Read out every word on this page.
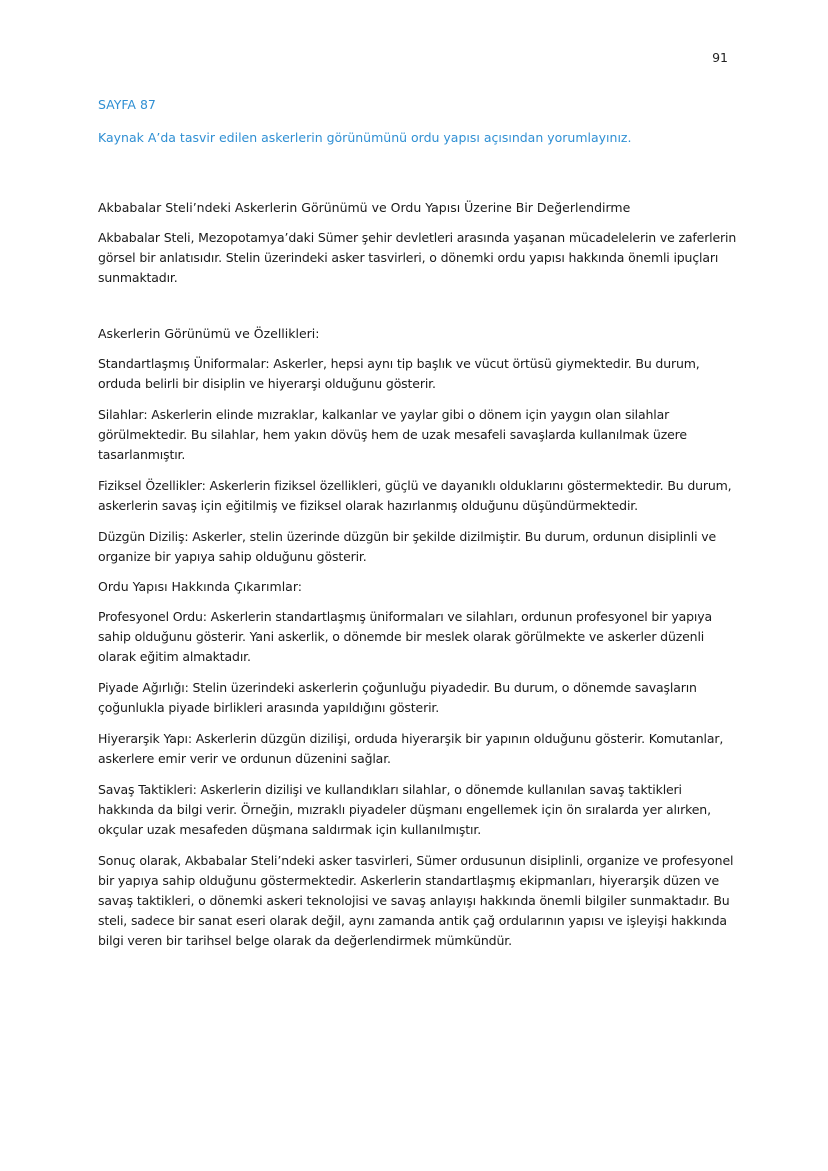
91

SAYFA 87

Kaynak A’da tasvir edilen askerlerin görünümünü ordu yapısı açısından yorumlayınız.

Akbabalar Steli’ndeki Askerlerin Görünümü ve Ordu Yapısı Üzerine Bir Değerlendirme

Akbabalar Steli, Mezopotamya’daki Sümer şehir devletleri arasında yaşanan mücadelelerin ve zaferlerin görsel bir anlatısıdır. Stelin üzerindeki asker tasvirleri, o dönemki ordu yapısı hakkında önemli ipuçları sunmaktadır.

Askerlerin Görünümü ve Özellikleri:

Standartlaşmış Üniformalar: Askerler, hepsi aynı tip başlık ve vücut örtüsü giymektedir. Bu durum, orduda belirli bir disiplin ve hiyerarşi olduğunu gösterir.

Silahlar: Askerlerin elinde mızraklar, kalkanlar ve yaylar gibi o dönem için yaygın olan silahlar görülmektedir. Bu silahlar, hem yakın dövüş hem de uzak mesafeli savaşlarda kullanılmak üzere tasarlanmıştır.

Fiziksel Özellikler: Askerlerin fiziksel özellikleri, güçlü ve dayanıklı olduklarını göstermektedir. Bu durum, askerlerin savaş için eğitilmiş ve fiziksel olarak hazırlanmış olduğunu düşündürmektedir.

Düzgün Diziliş: Askerler, stelin üzerinde düzgün bir şekilde dizilmiştir. Bu durum, ordunun disiplinli ve organize bir yapıya sahip olduğunu gösterir.

Ordu Yapısı Hakkında Çıkarımlar:

Profesyonel Ordu: Askerlerin standartlaşmış üniformaları ve silahları, ordunun profesyonel bir yapıya sahip olduğunu gösterir. Yani askerlik, o dönemde bir meslek olarak görülmekte ve askerler düzenli olarak eğitim almaktadır.

Piyade Ağırlığı: Stelin üzerindeki askerlerin çoğunluğu piyadedir. Bu durum, o dönemde savaşların çoğunlukla piyade birlikleri arasında yapıldığını gösterir.

Hiyerarşik Yapı: Askerlerin düzgün dizilişi, orduda hiyerarşik bir yapının olduğunu gösterir. Komutanlar, askerlere emir verir ve ordunun düzenini sağlar.

Savaş Taktikleri: Askerlerin dizilişi ve kullandıkları silahlar, o dönemde kullanılan savaş taktikleri hakkında da bilgi verir. Örneğin, mızraklı piyadeler düşmanı engellemek için ön sıralarda yer alırken, okçular uzak mesafeden düşmana saldırmak için kullanılmıştır.

Sonuç olarak, Akbabalar Steli’ndeki asker tasvirleri, Sümer ordusunun disiplinli, organize ve profesyonel bir yapıya sahip olduğunu göstermektedir. Askerlerin standartlaşmış ekipmanları, hiyerarşik düzen ve savaş taktikleri, o dönemki askeri teknolojisi ve savaş anlayışı hakkında önemli bilgiler sunmaktadır. Bu steli, sadece bir sanat eseri olarak değil, aynı zamanda antik çağ ordularının yapısı ve işleyişi hakkında bilgi veren bir tarihsel belge olarak da değerlendirmek mümkündür.
